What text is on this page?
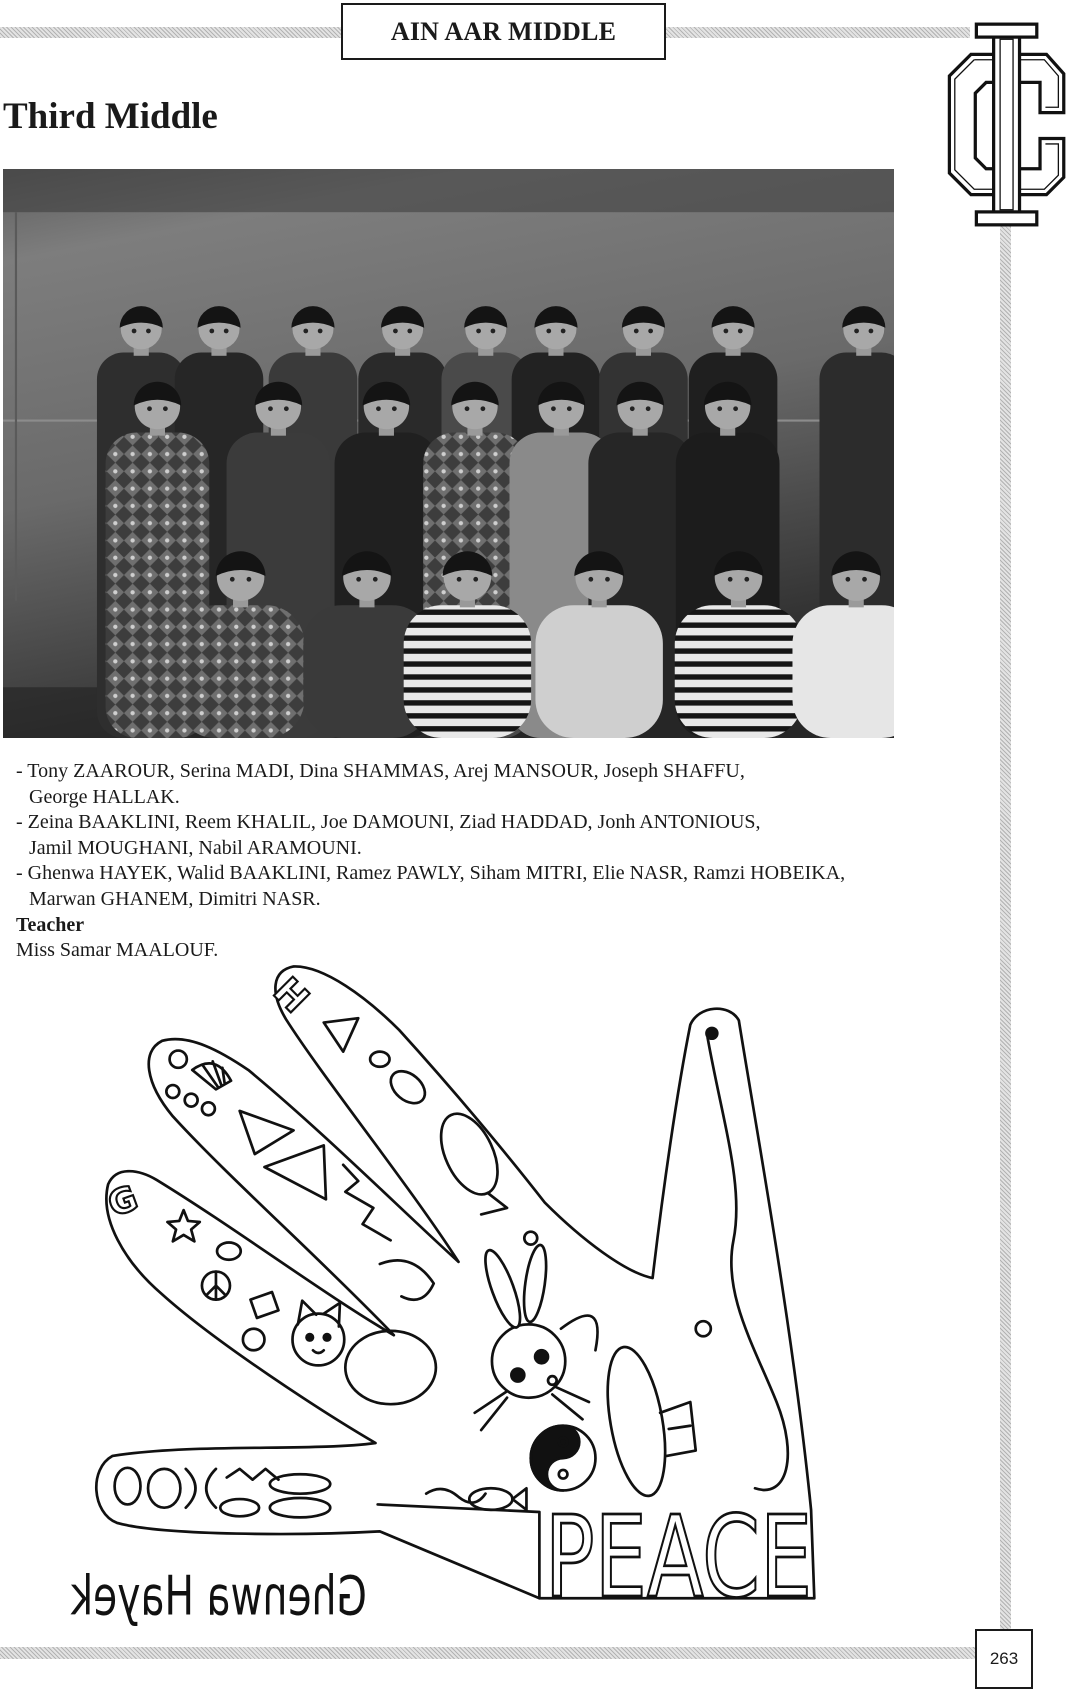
AIN AAR MIDDLE
Third Middle
- Tony ZAAROUR, Serina MADI, Dina SHAMMAS, Arej MANSOUR, Joseph SHAFFU,
George HALLAK.
- Zeina BAAKLINI, Reem KHALIL, Joe DAMOUNI, Ziad HADDAD, Jonh ANTONIOUS,
Jamil MOUGHANI, Nabil ARAMOUNI.
- Ghenwa HAYEK, Walid BAAKLINI, Ramez PAWLY, Siham MITRI, Elie NASR, Ramzi HOBEIKA,
Marwan GHANEM, Dimitri NASR.
Teacher
Miss Samar MAALOUF.
G
H
PEACE
Ghenwa Hayek
263
